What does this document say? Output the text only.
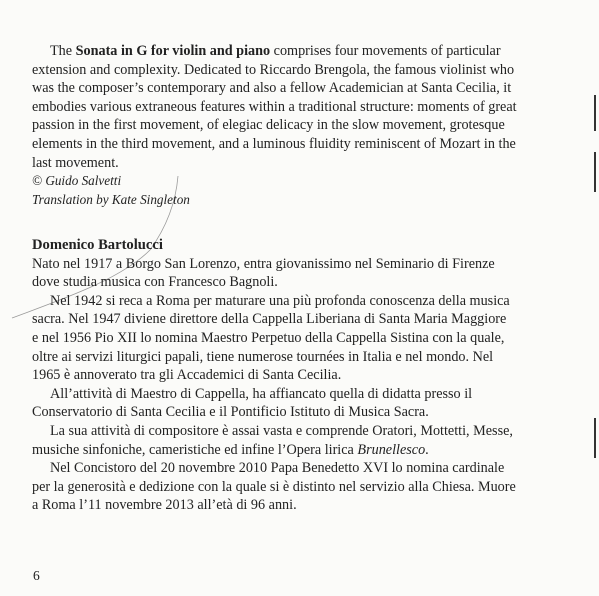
The Sonata in G for violin and piano comprises four movements of particular

extension and complexity. Dedicated to Riccardo Brengola, the famous violinist who
was the composer’s contemporary and also a fellow Academician at Santa Cecilia, it
embodies various extraneous features within a traditional structure: moments of great
passion in the first movement, of elegiac delicacy in the slow movement, grotesque
elements in the third movement, and a luminous fluidity reminiscent of Mozart in the
last movement.
© Guido Salvetti
Translation by Kate Singleton
Domenico Bartolucci
Nato nel 1917 a Borgo San Lorenzo, entra giovanissimo nel Seminario di Firenze
dove studia musica con Francesco Bagnoli.
Nel 1942 si reca a Roma per maturare una più profonda conoscenza della musica
sacra. Nel 1947 diviene direttore della Cappella Liberiana di Santa Maria Maggiore
e nel 1956 Pio XII lo nomina Maestro Perpetuo della Cappella Sistina con la quale,
oltre ai servizi liturgici papali, tiene numerose tournées in Italia e nel mondo. Nel
1965 è annoverato tra gli Accademici di Santa Cecilia.
All’attività di Maestro di Cappella, ha affiancato quella di didatta presso il
Conservatorio di Santa Cecilia e il Pontificio Istituto di Musica Sacra.
La sua attività di compositore è assai vasta e comprende Oratori, Mottetti, Messe,
musiche sinfoniche, cameristiche ed infine l’Opera lirica Brunellesco.
Nel Concistoro del 20 novembre 2010 Papa Benedetto XVI lo nomina cardinale
per la generosità e dedizione con la quale si è distinto nel servizio alla Chiesa. Muore
a Roma l’11 novembre 2013 all’età di 96 anni.
6
